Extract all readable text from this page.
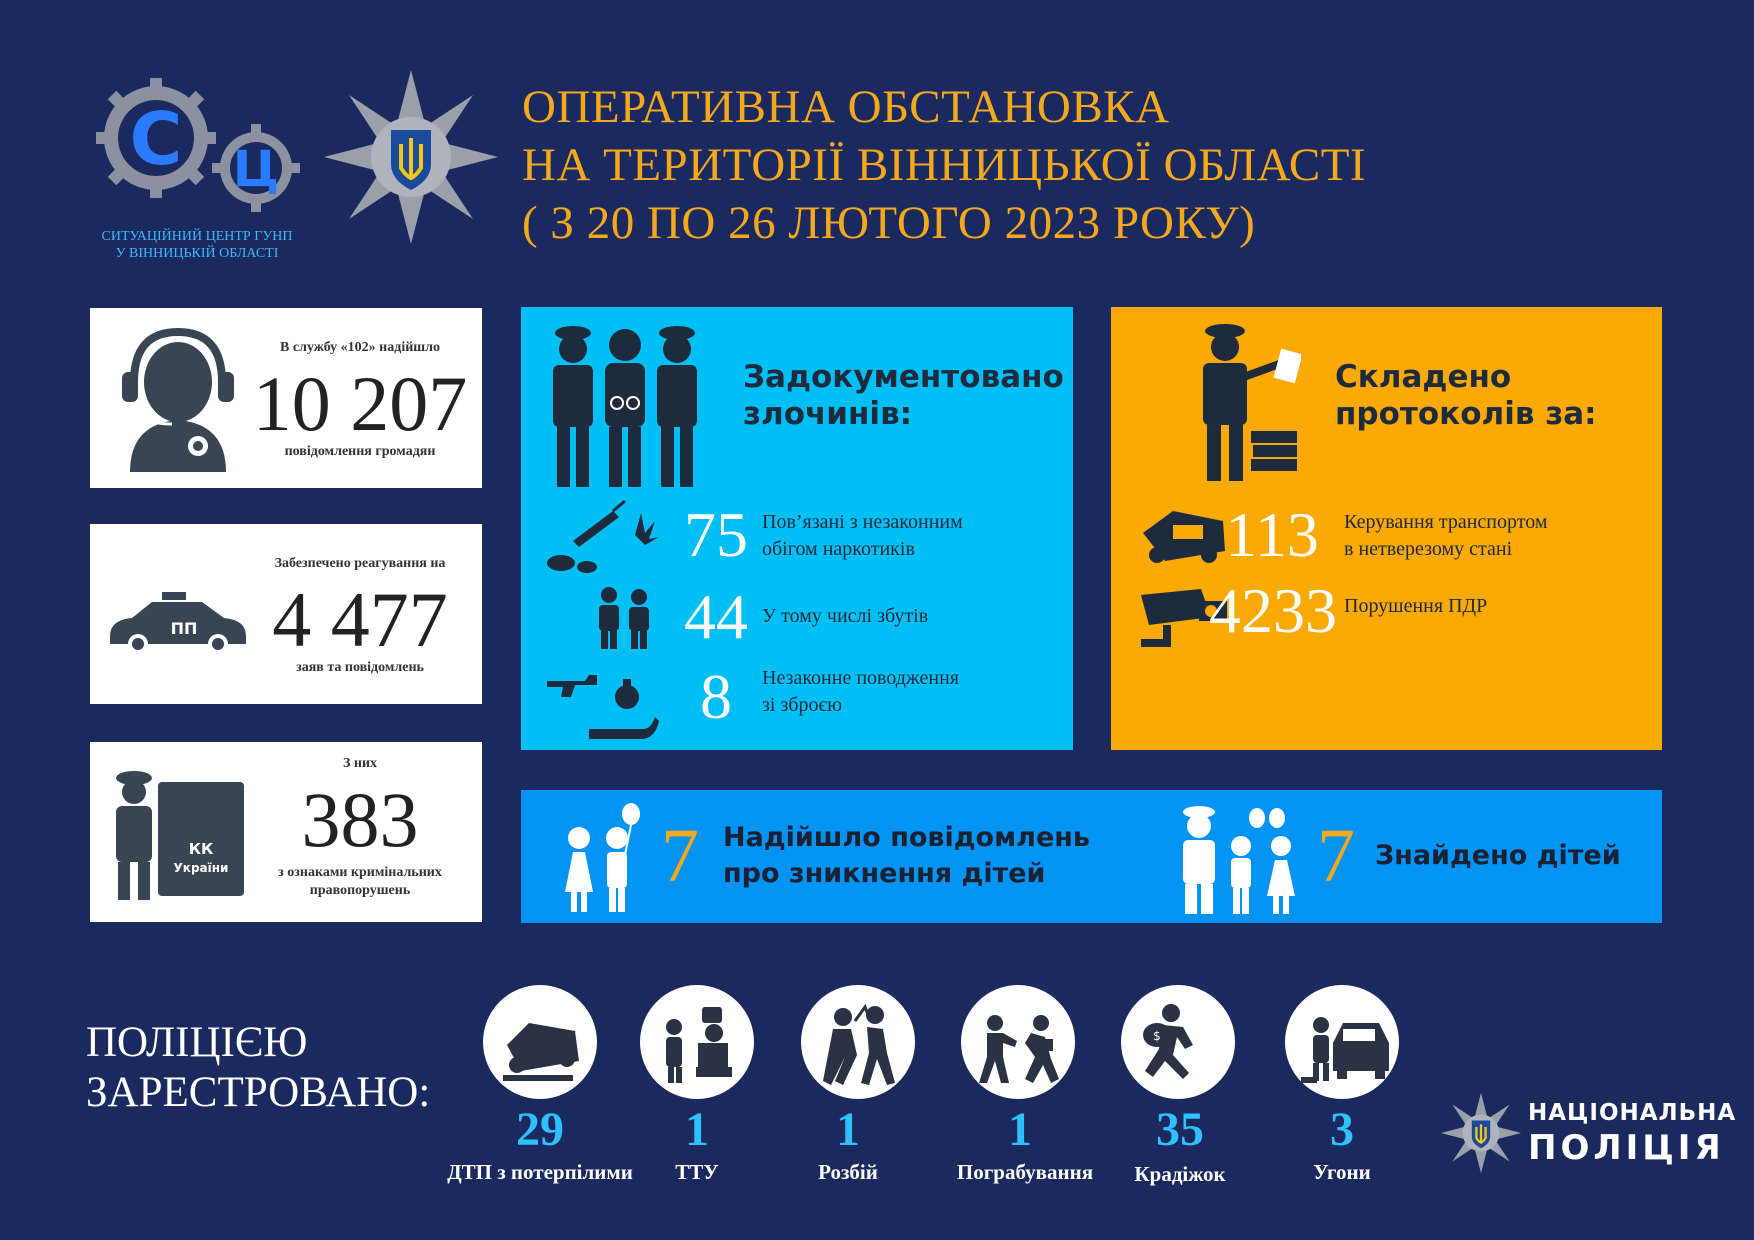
С Ц
СИТУАЦІЙНИЙ ЦЕНТР ГУНП
У ВІННИЦЬКІЙ ОБЛАСТІ
ОПЕРАТИВНА ОБСТАНОВКА
НА ТЕРИТОРІЇ ВІННИЦЬКОЇ ОБЛАСТІ
( З 20 ПО 26 ЛЮТОГО 2023 РОКУ)
В службу «102» надійшло
10 207
повідомлення громадян
ПП
Забезпечено реагування на
4 477
заяв та повідомлень
КК
України
З них
383
з ознаками кримінальних
правопорушень
Задокументовано
злочинів:
75 Пов’язані з незаконним
обігом наркотиків
44 У тому числі збутів
8	Незаконне поводження
зі зброєю
Складено
протоколів за:
113	Керування транспортом
в нетверезому стані
4233 Порушення ПДР
7 Надійшло повідомлень
про зникнення дітей	7 Знайдено дітей
ПОЛІЦІЄЮ
ЗАРЕСТРОВАНО:
$
29
ДТП з потерпілими
1
ТТУ
1
Розбій
1
Пограбування
35
Крадіжок
3
Угони
НАЦІОНАЛЬНА
ПОЛІЦІЯ
